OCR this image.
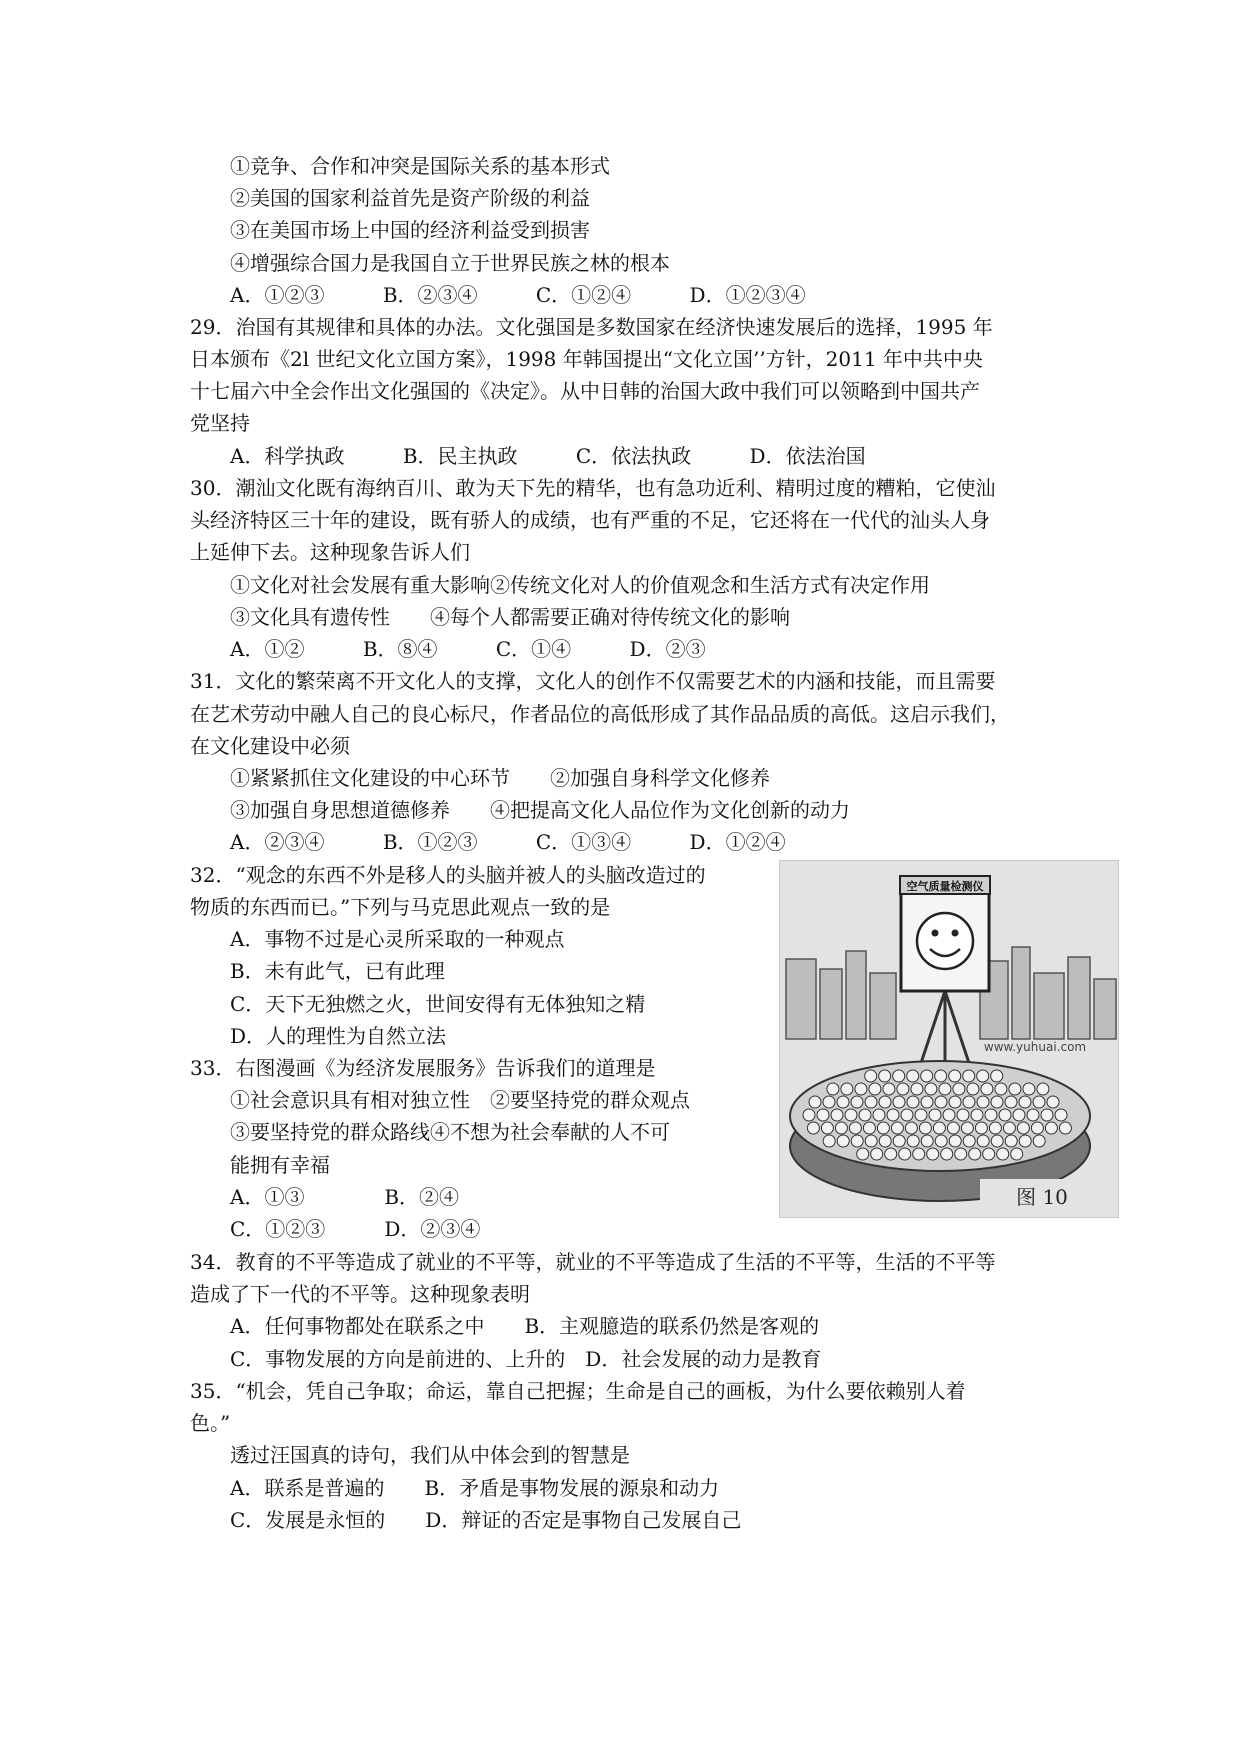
①竞争、合作和冲突是国际关系的基本形式
②美国的国家利益首先是资产阶级的利益
③在美国市场上中国的经济利益受到损害
④增强综合国力是我国自立于世界民族之林的根本
A．①②③	B．②③④	C．①②④	D．①②③④
29．治国有其规律和具体的办法。文化强国是多数国家在经济快速发展后的选择，1995 年
日本颁布《2l 世纪文化立国方案》，1998 年韩国提出“文化立国’’方针，2011 年中共中央
十七届六中全会作出文化强国的《决定》。从中日韩的治国大政中我们可以领略到中国共产
党坚持
A．科学执政	B．民主执政	C．依法执政	D．依法治国
30．潮汕文化既有海纳百川、敢为天下先的精华，也有急功近利、精明过度的糟粕，它使汕
头经济特区三十年的建设，既有骄人的成绩，也有严重的不足，它还将在一代代的汕头人身
上延伸下去。这种现象告诉人们
①文化对社会发展有重大影响②传统文化对人的价值观念和生活方式有决定作用
③文化具有遗传性　　④每个人都需要正确对待传统文化的影响
A．①②	B．⑧④	C．①④	D．②③
31．文化的繁荣离不开文化人的支撑，文化人的创作不仅需要艺术的内涵和技能，而且需要
在艺术劳动中融人自己的良心标尺，作者品位的高低形成了其作品品质的高低。这启示我们，
在文化建设中必须
①紧紧抓住文化建设的中心环节　　②加强自身科学文化修养
③加强自身思想道德修养　　④把提高文化人品位作为文化创新的动力
A．②③④	B．①②③	C．①③④	D．①②④
32．“观念的东西不外是移人的头脑并被人的头脑改造过的
物质的东西而已。”下列与马克思此观点一致的是
A．事物不过是心灵所采取的一种观点
B．未有此气，已有此理
C．天下无独燃之火，世间安得有无体独知之精
D．人的理性为自然立法
33．右图漫画《为经济发展服务》告诉我们的道理是
①社会意识具有相对独立性　②要坚持党的群众观点
③要坚持党的群众路线④不想为社会奉献的人不可
能拥有幸福
A．①③	B．②④
C．①②③	D．②③④
空气质量检测仪
www.yuhuai.com
图 10
34．教育的不平等造成了就业的不平等，就业的不平等造成了生活的不平等，生活的不平等
造成了下一代的不平等。这种现象表明
A．任何事物都处在联系之中　　B．主观臆造的联系仍然是客观的
C．事物发展的方向是前进的、上升的　D．社会发展的动力是教育
35．“机会，凭自己争取；命运，靠自己把握；生命是自己的画板，为什么要依赖别人着
色。”
透过汪国真的诗句，我们从中体会到的智慧是
A．联系是普遍的　　B．矛盾是事物发展的源泉和动力
C．发展是永恒的　　D．辩证的否定是事物自己发展自己
